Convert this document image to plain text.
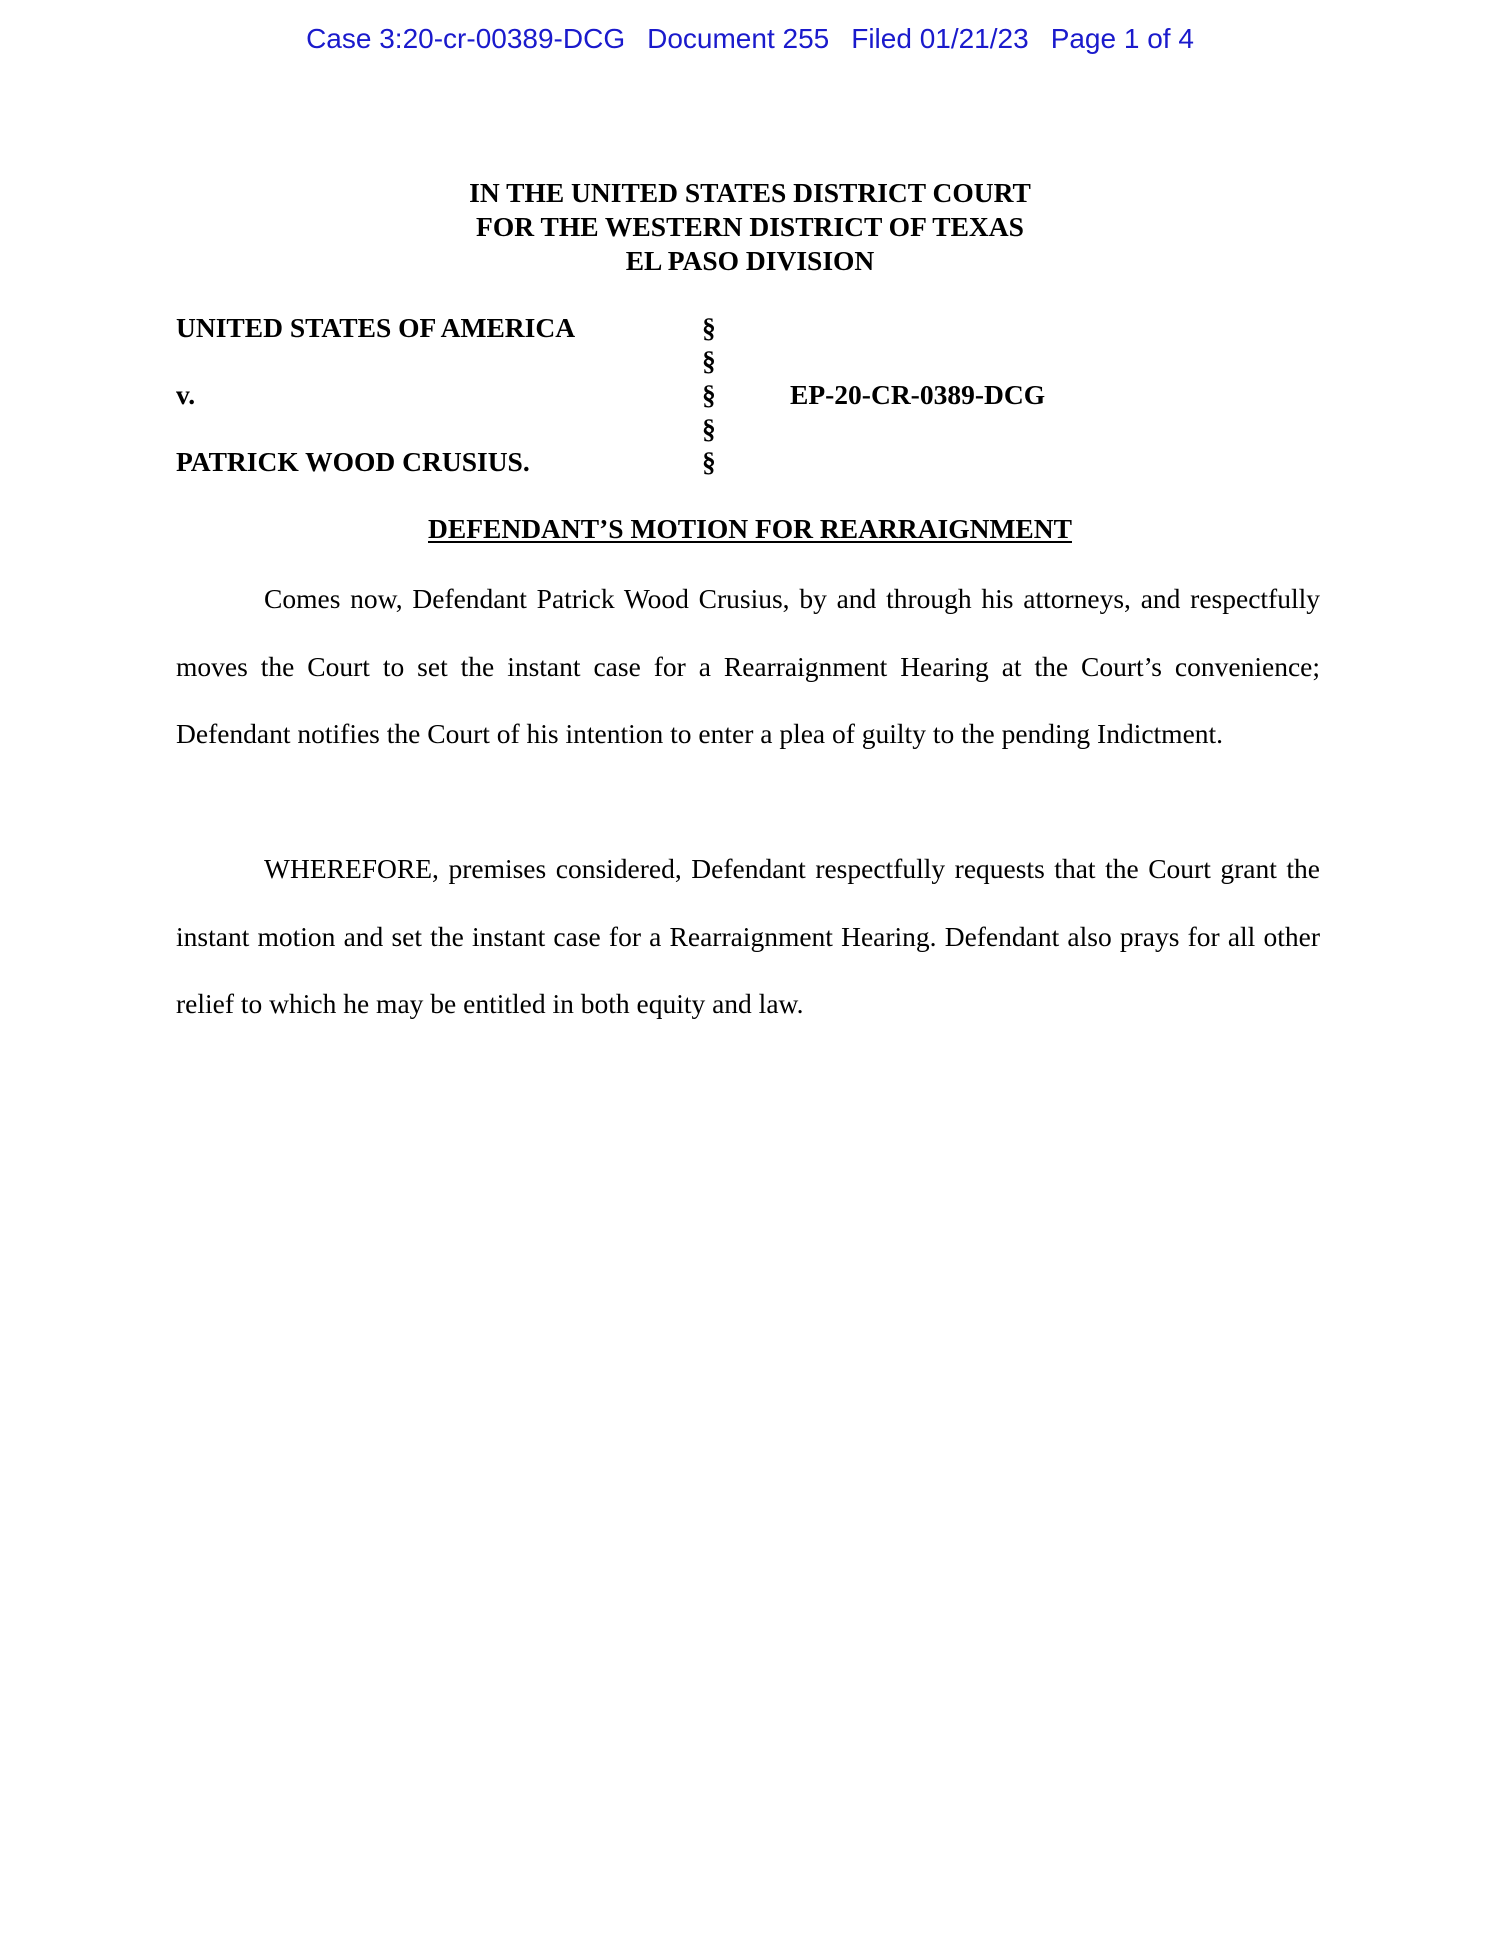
Case 3:20-cr-00389-DCG Document 255 Filed 01/21/23 Page 1 of 4
IN THE UNITED STATES DISTRICT COURT
FOR THE WESTERN DISTRICT OF TEXAS
EL PASO DIVISION
UNITED STATES OF AMERICA
v.
PATRICK WOOD CRUSIUS.
§
§
§
§
§
EP-20-CR-0389-DCG
DEFENDANT’S MOTION FOR REARRAIGNMENT

Comes now, Defendant Patrick Wood Crusius, by and through his attorneys, and respectfully moves the Court to set the instant case for a Rearraignment Hearing at the Court’s convenience; Defendant notifies the Court of his intention to enter a plea of guilty to the pending Indictment.

WHEREFORE, premises considered, Defendant respectfully requests that the Court grant the instant motion and set the instant case for a Rearraignment Hearing. Defendant also prays for all other relief to which he may be entitled in both equity and law.
